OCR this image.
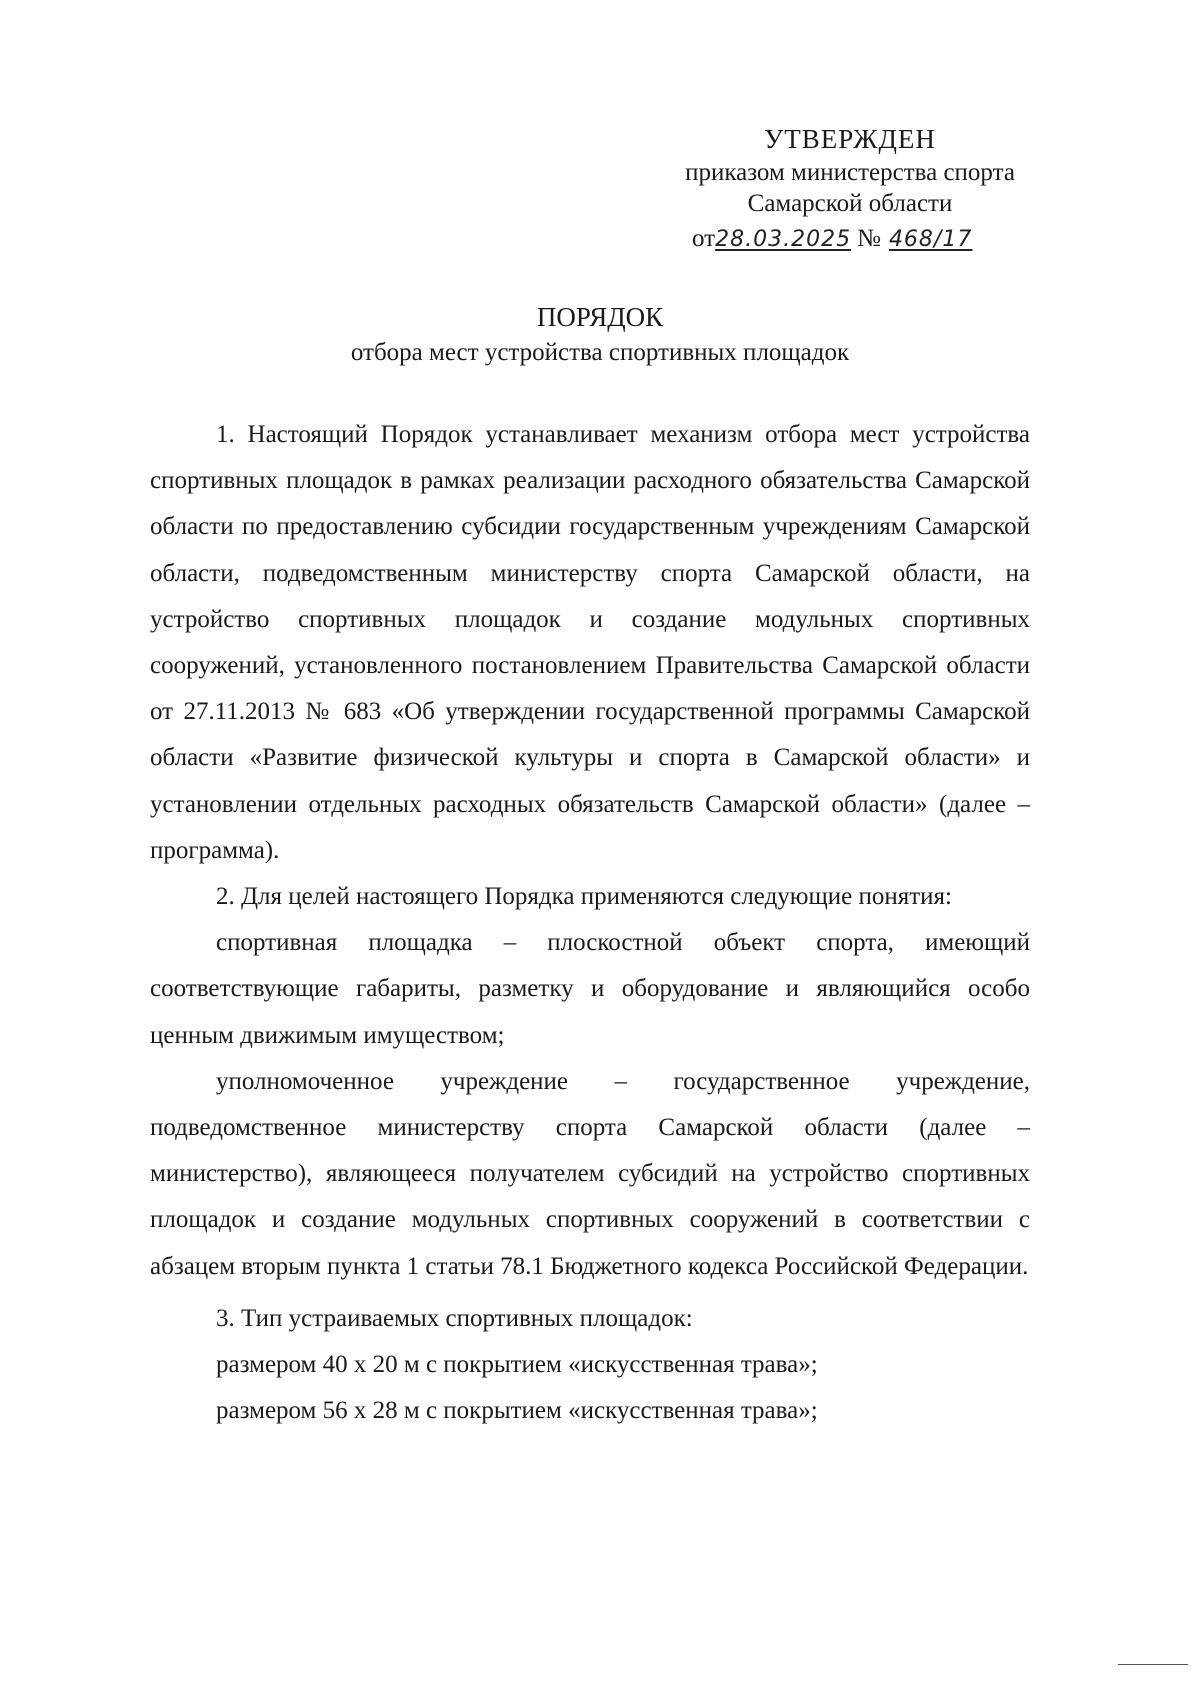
УТВЕРЖДЕН
приказом министерства спорта
Самарской области
от28.03.2025 № 468/17
ПОРЯДОК
отбора мест устройства спортивных площадок

1. Настоящий Порядок устанавливает механизм отбора мест устройства спортивных площадок в рамках реализации расходного обязательства Самарской области по предоставлению субсидии государственным учреждениям Самарской области, подведомственным министерству спорта Самарской области, на устройство спортивных площадок и создание модульных спортивных сооружений, установленного постановлением Правительства Самарской области от 27.11.2013 № 683 «Об утверждении государственной программы Самарской области «Развитие физической культуры и спорта в Самарской области» и установлении отдельных расходных обязательств Самарской области» (далее – программа).

2. Для целей настоящего Порядка применяются следующие понятия:

спортивная площадка – плоскостной объект спорта, имеющий соответствующие габариты, разметку и оборудование и являющийся особо ценным движимым имуществом;

уполномоченное учреждение – государственное учреждение, подведомственное министерству спорта Самарской области (далее – министерство), являющееся получателем субсидий на устройство спортивных площадок и создание модульных спортивных сооружений в соответствии с абзацем вторым пункта 1 статьи 78.1 Бюджетного кодекса Российской Федерации.

3. Тип устраиваемых спортивных площадок:

размером 40 х 20 м с покрытием «искусственная трава»;

размером 56 х 28 м с покрытием «искусственная трава»;
